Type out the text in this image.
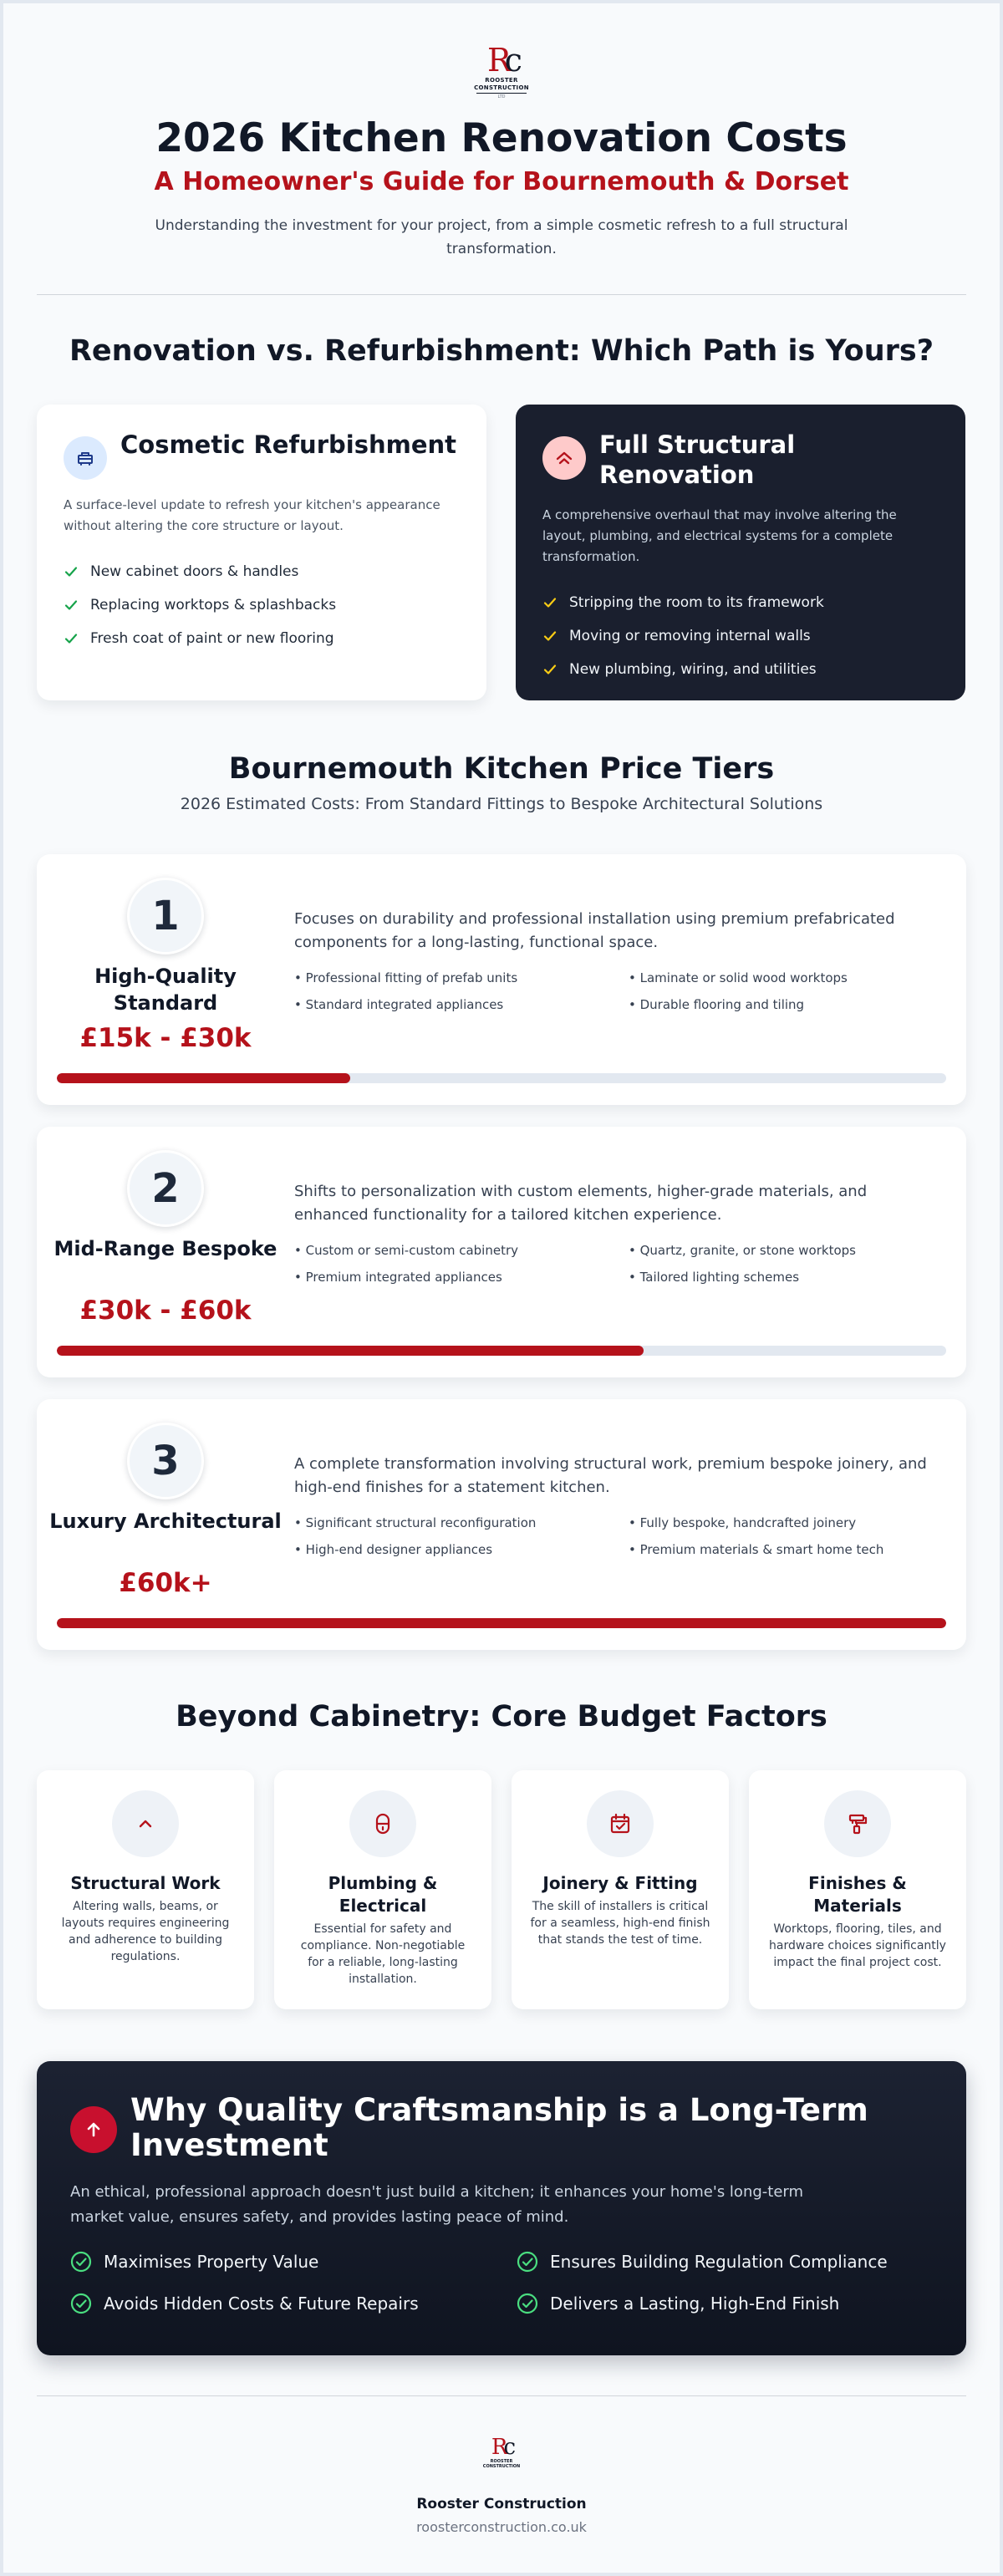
Rc
ROOSTER
CONSTRUCTION
LTD
2026 Kitchen Renovation Costs
A Homeowner's Guide for Bournemouth & Dorset

Understanding the investment for your project, from a simple cosmetic refresh to a full structural transformation.

Renovation vs. Refurbishment: Which Path is Yours?
Cosmetic Refurbishment

A surface-level update to refresh your kitchen's appearance without altering the core structure or layout.

New cabinet doors & handles
Replacing worktops & splashbacks
Fresh coat of paint or new flooring
Full Structural Renovation

A comprehensive overhaul that may involve altering the layout, plumbing, and electrical systems for a complete transformation.

Stripping the room to its framework
Moving or removing internal walls
New plumbing, wiring, and utilities
Bournemouth Kitchen Price Tiers

2026 Estimated Costs: From Standard Fittings to Bespoke Architectural Solutions

1
High-Quality Standard
£15k - £30k

Focuses on durability and professional installation using premium prefabricated components for a long-lasting, functional space.

• Professional fitting of prefab units	• Laminate or solid wood worktops
• Standard integrated appliances	• Durable flooring and tiling
2
Mid-Range Bespoke
£30k - £60k

Shifts to personalization with custom elements, higher-grade materials, and enhanced functionality for a tailored kitchen experience.

• Custom or semi-custom cabinetry	• Quartz, granite, or stone worktops
• Premium integrated appliances	• Tailored lighting schemes
3
Luxury Architectural
£60k+

A complete transformation involving structural work, premium bespoke joinery, and high-end finishes for a statement kitchen.

• Significant structural reconfiguration	• Fully bespoke, handcrafted joinery
• High-end designer appliances	• Premium materials & smart home tech
Beyond Cabinetry: Core Budget Factors
Structural Work

Altering walls, beams, or layouts requires engineering and adherence to building regulations.

Plumbing & Electrical

Essential for safety and compliance. Non-negotiable for a reliable, long-lasting installation.

Joinery & Fitting

The skill of installers is critical for a seamless, high-end finish that stands the test of time.

Finishes & Materials

Worktops, flooring, tiles, and hardware choices significantly impact the final project cost.

Why Quality Craftsmanship is a Long-Term Investment

An ethical, professional approach doesn't just build a kitchen; it enhances your home's long-term market value, ensures safety, and provides lasting peace of mind.

Maximises Property Value	Ensures Building Regulation Compliance
Avoids Hidden Costs & Future Repairs	Delivers a Lasting, High-End Finish
Rc
ROOSTER
CONSTRUCTION
Rooster Construction
roosterconstruction.co.uk
